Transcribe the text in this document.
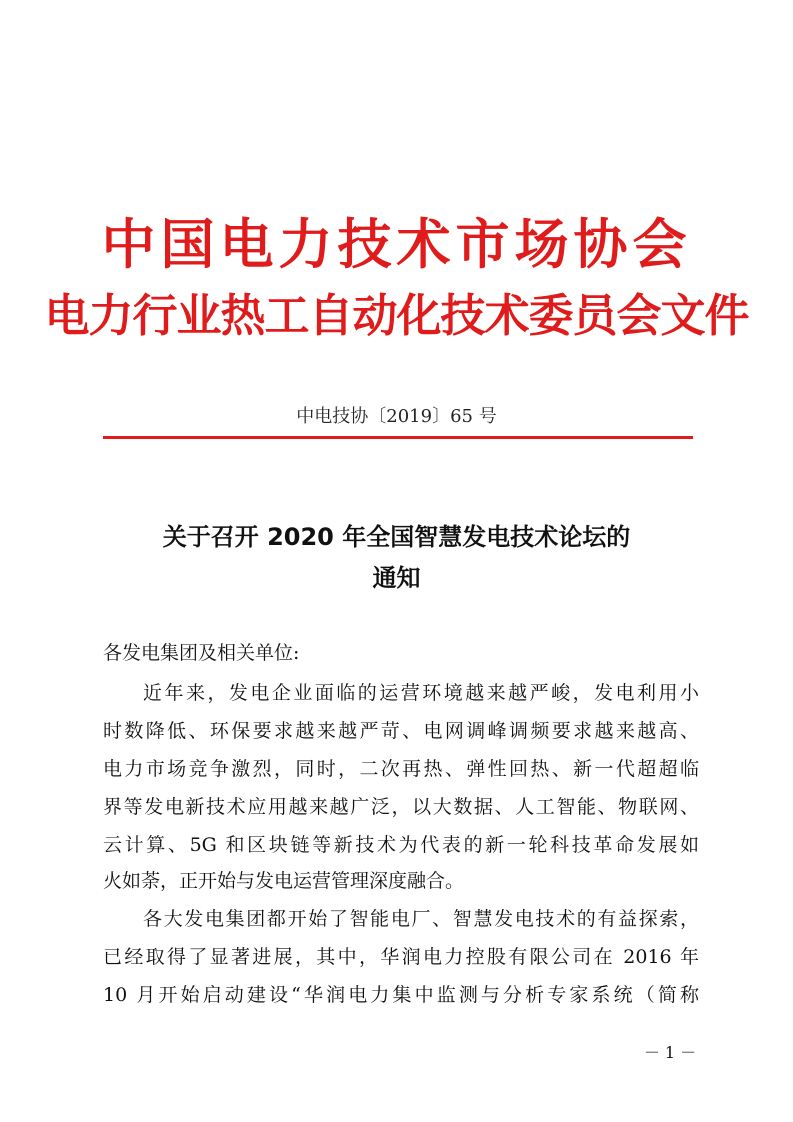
中国电力技术市场协会
电力行业热工自动化技术委员会文件
中电技协〔2019〕65 号
关于召开 2020 年全国智慧发电技术论坛的
通知
各发电集团及相关单位:
近年来，发电企业面临的运营环境越来越严峻，发电利用小
时数降低、环保要求越来越严苛、电网调峰调频要求越来越高、
电力市场竞争激烈，同时，二次再热、弹性回热、新一代超超临
界等发电新技术应用越来越广泛，以大数据、人工智能、物联网、
云计算、5G 和区块链等新技术为代表的新一轮科技革命发展如
火如荼，正开始与发电运营管理深度融合。
各大发电集团都开始了智能电厂、智慧发电技术的有益探索，
已经取得了显著进展，其中，华润电力控股有限公司在 2016 年
10 月开始启动建设“华润电力集中监测与分析专家系统（简称
－ 1 －
